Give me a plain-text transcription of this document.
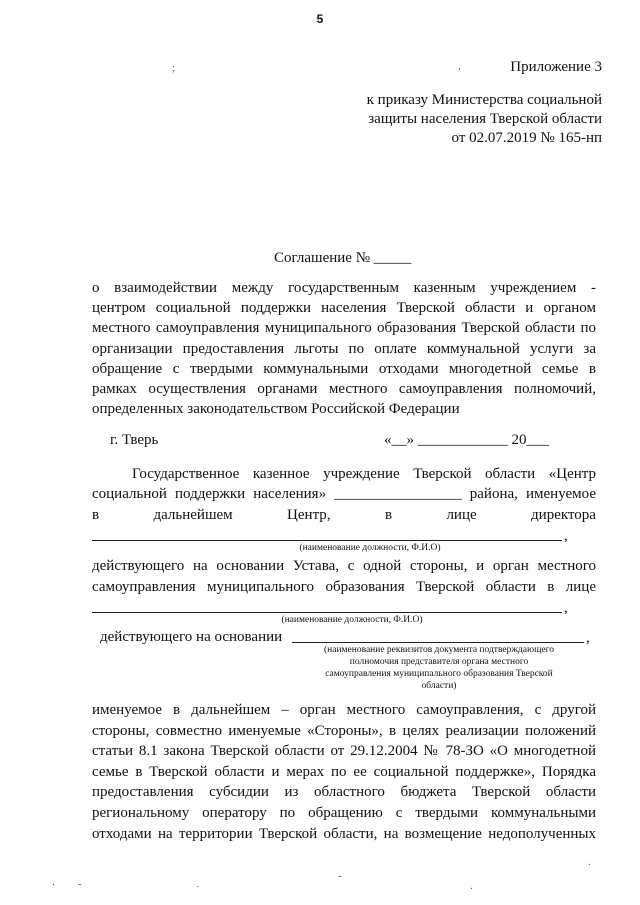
5
;	,	Приложение 3
к приказу Министерства социальной
защиты населения Тверской области
от 02.07.2019 № 165-нп
Соглашение № _____
о взаимодействии между государственным казенным учреждением -
центром социальной поддержки населения Тверской области и органом
местного самоуправления муниципального образования Тверской области по
организации предоставления льготы по оплате коммунальной услуги за
обращение с твердыми коммунальными отходами многодетной семье в
рамках осуществления органами местного самоуправления полномочий,
определенных законодательством Российской Федерации
г. Тверь	«__» ____________ 20___
Государственное казенное учреждение Тверской области «Центр
социальной поддержки населения» _________________ района, именуемое
в	дальнейшем	Центр,	в	лице	директора
,
(наименование должности, Ф.И.О)
действующего на основании Устава, с одной стороны, и орган местного
самоуправления муниципального образования Тверской области в лице
,
(наименование должности, Ф.И.О)
действующего на основании	,
(наименование реквизитов документа подтверждающего
полномочия представителя органа местного
самоуправления муниципального образования Тверской
области)
именуемое в дальнейшем – орган местного самоуправления, с другой
стороны, совместно именуемые «Стороны», в целях реализации положений
статьи 8.1 закона Тверской области от 29.12.2004 № 78-ЗО «О многодетной
семье в Тверской области и мерах по ее социальной поддержке», Порядка
предоставления субсидии из областного бюджета Тверской области
региональному оператору по обращению с твердыми коммунальными
отходами на территории Тверской области, на возмещение недополученных
. -	˙
-
.
.
